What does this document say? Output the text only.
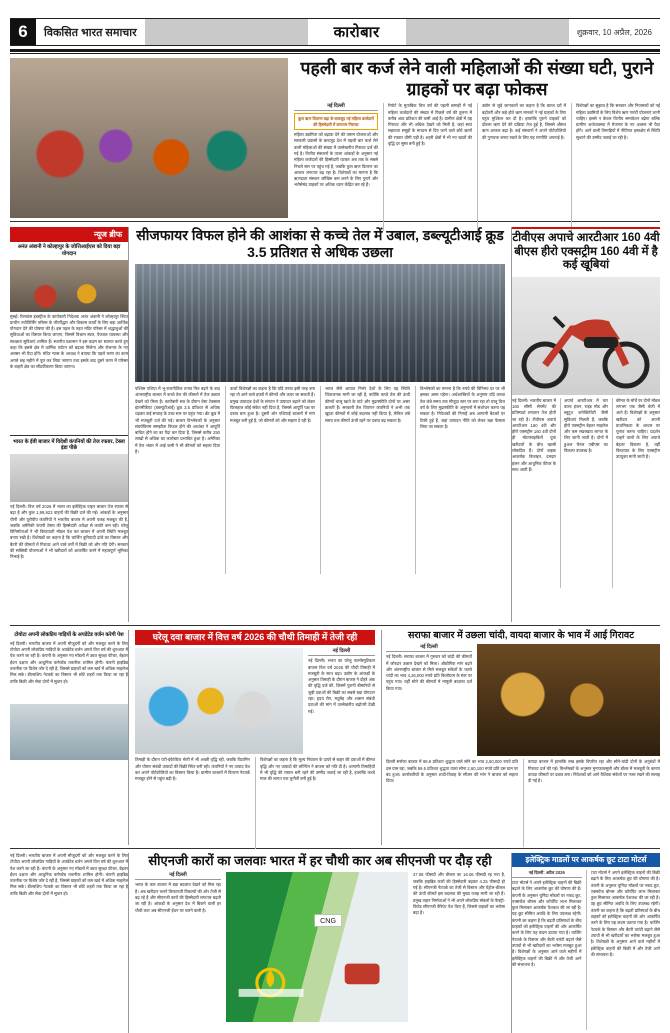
6	विकसित भारत समाचार	कारोबार	शुक्रवार, 10 अप्रैल, 2026
पहली बार कर्ज लेने वाली महिलाओं की संख्या घटी, पुराने ग्राहकों पर बढ़ा फोकस
नई दिल्ली
कुल ऋण वितरण बढ़ा के बावजूद नई महिला कर्जदारों की हिस्सेदारी में लगातार गिरावट
महिला उद्यमिता को बढ़ावा देने की तमाम योजनाओं और सरकारी प्रयासों के बावजूद देश में पहली बार कर्ज लेने वाली महिलाओं की संख्या में उल्लेखनीय गिरावट दर्ज की गई है। वित्तीय संस्थानों के ताजा आंकड़ों के अनुसार नई महिला कर्जदारों की हिस्सेदारी घटकर अब तक के सबसे निचले स्तर पर पहुंच गई है, जबकि कुल ऋण वितरण का आकार लगातार बढ़ रहा है। विशेषज्ञों का मानना है कि ऋणदाता संस्थान जोखिम कम करने के लिए पुराने और भरोसेमंद ग्राहकों पर अधिक ध्यान केंद्रित कर रहे हैं।
रिपोर्ट के मुताबिक वित्त वर्ष की पहली छमाही में नई महिला कर्जदारों की संख्या में पिछले वर्ष की तुलना में करीब आठ प्रतिशत की कमी आई है। ग्रामीण क्षेत्रों में यह गिरावट और भी अधिक देखने को मिली है, जहां स्वयं सहायता समूहों के माध्यम से दिए जाने वाले छोटे ऋणों की रफ्तार धीमी पड़ी है। शहरी क्षेत्रों में भी नए खातों की वृद्धि दर सुस्त बनी हुई है।
उद्योग से जुड़े जानकारों का कहना है कि ब्याज दरों में बढ़ोतरी और कड़े होते ऋण मानकों ने नई ग्राहकों के लिए पहुंच मुश्किल कर दी है। हालांकि पुराने ग्राहकों को दोबारा ऋण देने की प्रक्रिया तेज हुई है, जिससे औसत ऋण आकार बढ़ा है। कई संस्थानों ने अपने पोर्टफोलियो की गुणवत्ता बनाए रखने के लिए यह रणनीति अपनाई है।
विशेषज्ञों का सुझाव है कि सरकार और नियामकों को नई महिला उद्यमियों के लिए विशेष ऋण गारंटी योजनाएं लानी चाहिए। इससे न केवल वित्तीय समावेशन बढ़ेगा बल्कि ग्रामीण अर्थव्यवस्था में रोजगार के नए अवसर भी पैदा होंगे। आने वाली तिमाहियों में नीतिगत हस्तक्षेप से स्थिति सुधरने की उम्मीद जताई जा रही है।
न्यूज ब्रीफ
अनंत अंबानी ने कोल्हापुर के जोत्तिआईएस को दिया बड़ा योगदान
मुंबई। रिलायंस इंडस्ट्रीज के कार्यकारी निदेशक अनंत अंबानी ने कोल्हापुर स्थित प्राचीन ज्योतिर्लिंग परिसर के जीर्णोद्धार और विकास कार्यों के लिए बड़ा आर्थिक योगदान देने की घोषणा की है। इस पहल के तहत मंदिर परिसर में श्रद्धालुओं की सुविधाओं का विस्तार किया जाएगा, जिसमें विश्राम स्थल, पेयजल व्यवस्था और स्वच्छता सुविधाएं शामिल हैं। स्थानीय प्रशासन ने इस कदम का स्वागत करते हुए कहा कि इससे क्षेत्र में धार्मिक पर्यटन को बढ़ावा मिलेगा और रोजगार के नए अवसर भी पैदा होंगे। मंदिर न्यास के अध्यक्ष ने बताया कि पहले चरण का काम अगले छह महीने में पूरा कर लिया जाएगा तथा इसके बाद दूसरे चरण में परिसर के बाहरी क्षेत्र का सौंदर्यीकरण किया जाएगा।
भारत के ईवी बाजार में विदेशी कंपनियों की तेज रफ्तार, टेस्ला इंडा पीछे
नई दिल्ली। वित्त वर्ष 2026 में भारत का इलेक्ट्रिक वाहन बाजार तेज रफ्तार से बढ़ा है और कुल 1,99,923 वाहनों की बिक्री दर्ज की गई। आंकड़ों के अनुसार चीनी और यूरोपीय कंपनियों ने भारतीय बाजार में अपनी पकड़ मजबूत की है, जबकि अमेरिकी कंपनी टेस्ला की हिस्सेदारी अपेक्षा से काफी कम रही। घरेलू विनिर्माताओं ने भी किफायती मॉडल पेश कर बाजार में अपनी स्थिति मजबूत बनाए रखी है। विशेषज्ञों का कहना है कि चार्जिंग बुनियादी ढांचे का विस्तार और बैटरी की कीमतों में गिरावट आने वाले वर्षों में बिक्री को और गति देगी। सरकार की सब्सिडी योजनाओं ने भी खरीदारों को आकर्षित करने में महत्वपूर्ण भूमिका निभाई है।
सीजफायर विफल होने की आशंका से कच्चे तेल में उबाल, डब्ल्यूटीआई क्रूड 3.5 प्रतिशत से अधिक उछला
पश्चिम एशिया में भू-राजनीतिक तनाव फिर बढ़ने के बाद अंतरराष्ट्रीय बाजार में कच्चे तेल की कीमतों में तेज उछाल देखने को मिला है। कारोबारी सत्र के दौरान वेस्ट टेक्सास इंटरमीडिएट (डब्ल्यूटीआई) क्रूड 3.5 प्रतिशत से अधिक चढ़कर कई सप्ताह के उच्च स्तर पर पहुंच गया। ब्रेंट क्रूड में भी मजबूती दर्ज की गई। बाजार विश्लेषकों के अनुसार संघर्षविराम समझौता विफल होने की आशंका ने आपूर्ति बाधित होने का डर पैदा कर दिया है, जिससे करीब 250 लाखों से अधिक का कारोबार प्रभावित हुआ है। अमेरिका में तेल भंडार में आई कमी ने भी कीमतों को सहारा दिया है।
ऊर्जा विशेषज्ञों का कहना है कि यदि तनाव इसी तरह बना रहा तो आने वाले हफ्तों में कीमतें और ऊपर जा सकती हैं। प्रमुख उत्पादक देशों के संगठन ने उत्पादन बढ़ाने को लेकर फिलहाल कोई संकेत नहीं दिया है, जिससे आपूर्ति पक्ष पर दबाव बना हुआ है। दूसरी ओर एशियाई बाजारों में मांग मजबूत बनी हुई है, जो कीमतों को और सहारा दे रही है।
भारत जैसे आयात निर्भर देशों के लिए यह स्थिति चिंताजनक मानी जा रही है, क्योंकि कच्चे तेल की ऊंची कीमतें चालू खाते के घाटे और मुद्रास्फीति दोनों पर असर डालती हैं। सरकारी तेल विपणन कंपनियों ने अभी तक खुदरा कीमतों में कोई बदलाव नहीं किया है, लेकिन लंबे समय तक कीमतें ऊंची रहने पर दबाव बढ़ सकता है।
विश्लेषकों का मानना है कि रुपये की विनिमय दर पर भी इसका असर पड़ेगा। अर्थशास्त्रियों के अनुसार यदि कच्चा तेल लंबे समय तक मौजूदा स्तर पर बना रहा तो चालू वित्त वर्ष के लिए मुद्रास्फीति के अनुमानों में संशोधन करना पड़ सकता है। निवेशकों की निगाहें अब आगामी बैठकों पर टिकी हुई हैं, जहां उत्पादन नीति को लेकर बड़ा फैसला लिया जा सकता है।
टीवीएस अपाचे आरटीआर 160 4वी बीएस हीरो एक्सट्रीम 160 4वी में है कई खूबियां
नई दिल्ली। भारतीय बाजार में 160 सीसी सेगमेंट की प्रतिस्पर्धा लगातार तेज होती जा रही है। टीवीएस अपाचे आरटीआर 160 4वी और हीरो एक्सट्रीम 160 4वी दोनों ही मोटरसाइकिलें युवा खरीदारों के बीच खासी लोकप्रिय हैं। दोनों बाइक आकर्षक डिजाइन, दमदार इंजन और आधुनिक फीचर के साथ आती हैं।
अपाचे आरटीआर में चार वाल्व इंजन, राइड मोड और ब्लूटूथ कनेक्टिविटी जैसी सुविधाएं मिलती हैं, जबकि हीरो एक्सट्रीम बेहतर माइलेज और कम रखरखाव लागत के लिए जानी जाती है। दोनों में डुअल चैनल एबीएस का विकल्प उपलब्ध है।
कीमत के मोर्चे पर दोनों मॉडल लगभग एक जैसी श्रेणी में आते हैं। विशेषज्ञों के अनुसार खरीदार को अपनी प्राथमिकता के आधार पर चुनाव करना चाहिए। प्रदर्शन चाहने वालों के लिए अपाचे बेहतर विकल्प है, वहीं किफायत के लिए एक्सट्रीम उपयुक्त मानी जाती है।
टोयोटा अपनी लोकप्रिय गाड़ियों के अपडेटेड वर्जन करेगी पेश
नई दिल्ली। भारतीय बाजार में अपनी मौजूदगी को और मजबूत करने के लिए टोयोटा अपनी लोकप्रिय गाड़ियों के अपडेटेड वर्जन अगले वित्त वर्ष की शुरुआत में पेश करने जा रही है। कंपनी के अनुसार नए मॉडलों में उन्नत सुरक्षा फीचर, बेहतर ईंधन दक्षता और आधुनिक कनेक्टेड तकनीक शामिल होगी। कंपनी हाइब्रिड तकनीक पर विशेष जोर दे रही है, जिससे ग्राहकों को कम खर्च में अधिक माइलेज मिल सके। डीलरशिप नेटवर्क का विस्तार भी छोटे शहरों तक किया जा रहा है ताकि बिक्री और सेवा दोनों में सुधार हो।
घरेलू दवा बाजार में वित्त वर्ष 2026 की चौथी तिमाही में तेजी रही
नई दिल्ली
नई दिल्ली। भारत का घरेलू फार्मास्युटिकल बाजार वित्त वर्ष 2026 की चौथी तिमाही में मजबूती के साथ बढ़ा। उद्योग के आंकड़ों के अनुसार तिमाही के दौरान बाजार ने दोहरे अंक की वृद्धि दर्ज की, जिसमें पुरानी बीमारियों से जुड़ी दवाओं की बिक्री का सबसे बड़ा योगदान रहा। हृदय रोग, मधुमेह और श्वसन संबंधी दवाओं की मांग में उल्लेखनीय बढ़ोतरी देखी गई।
तिमाही के दौरान एंटी-इंफेक्टिव श्रेणी में भी अच्छी वृद्धि रही, जबकि विटामिन और पोषण संबंधी उत्पादों की बिक्री स्थिर बनी रही। कंपनियों ने नए उत्पाद पेश कर अपने पोर्टफोलियो का विस्तार किया है। ग्रामीण बाजारों में वितरण नेटवर्क मजबूत होने से पहुंच बढ़ी है।
विशेषज्ञों का कहना है कि मूल्य नियंत्रण के दायरे से बाहर की दवाओं में कीमत वृद्धि और नए उत्पादों की लॉन्चिंग ने बाजार को गति दी है। आगामी तिमाहियों में भी वृद्धि की रफ्तार बनी रहने की उम्मीद जताई जा रही है, हालांकि कच्चे माल की लागत एक चुनौती बनी हुई है।
सराफा बाजार में उछला चांदी, वायदा बाजार के भाव में आई गिरावट
नई दिल्ली
नई दिल्ली। सराफा बाजार में गुरुवार को चांदी की कीमतों में जोरदार उछाल देखने को मिला। औद्योगिक मांग बढ़ने और अंतरराष्ट्रीय बाजार से मिले मजबूत संकेतों के चलते चांदी का भाव 4,26,000 रुपये प्रति किलोग्राम के स्तर पर पहुंच गया। वहीं सोने की कीमतों में मामूली बदलाव दर्ज किया गया।
दिल्ली सर्राफा बाजार में 99.9 प्रतिशत शुद्धता वाले सोने का भाव 2,60,000 रुपये प्रति दस ग्राम रहा, जबकि 99.5 प्रतिशत शुद्धता वाला सोना 2,60,100 रुपये प्रति दस ग्राम पर बंद हुआ। कारोबारियों के अनुसार शादी-विवाह के सीजन की मांग ने बाजार को सहारा दिया।
वायदा बाजार में हालांकि रुख इसके विपरीत रहा और सोने-चांदी दोनों के अनुबंधों में गिरावट दर्ज की गई। विश्लेषकों के अनुसार मुनाफावसूली और डॉलर में मजबूती के कारण वायदा कीमतों पर दबाव बना। निवेशकों को आगे वैश्विक संकेतों पर नजर रखने की सलाह दी गई है।
नई दिल्ली। भारतीय बाजार में अपनी मौजूदगी को और मजबूत करने के लिए टोयोटा अपनी लोकप्रिय गाड़ियों के अपडेटेड वर्जन अगले वित्त वर्ष की शुरुआत में पेश करने जा रही है। कंपनी के अनुसार नए मॉडलों में उन्नत सुरक्षा फीचर, बेहतर ईंधन दक्षता और आधुनिक कनेक्टेड तकनीक शामिल होगी। कंपनी हाइब्रिड तकनीक पर विशेष जोर दे रही है, जिससे ग्राहकों को कम खर्च में अधिक माइलेज मिल सके। डीलरशिप नेटवर्क का विस्तार भी छोटे शहरों तक किया जा रहा है ताकि बिक्री और सेवा दोनों में सुधार हो।
सीएनजी कारों का जलवाः भारत में हर चौथी कार अब सीएनजी पर दौड़ रही
नई दिल्ली
भारत के कार बाजार में बड़ा बदलाव देखने को मिल रहा है। अब खरीदार चलने किफायती विकल्पों की ओर तेजी से बढ़ रहे हैं और सीएनजी कारों की हिस्सेदारी लगातार बढ़ती जा रही है। आंकड़ों के अनुसार देश में बिकने वाली हर चौथी कार अब सीएनजी ईंधन पर चलने वाली है।
CNG
47.08 फीसदी और डीजल का 16.06 फीसदी रह गया है, जबकि हाइब्रिड कारों की हिस्सेदारी बढ़कर 4.25 फीसदी हो गई है। सीएनजी नेटवर्क का तेजी से विस्तार और पेट्रोल-डीजल की ऊंची कीमतें इस बदलाव की मुख्य वजह मानी जा रही हैं। प्रमुख वाहन निर्माताओं ने भी अपने लोकप्रिय मॉडलों के फैक्ट्री-फिटेड सीएनजी वेरिएंट पेश किए हैं, जिससे ग्राहकों का भरोसा बढ़ा है।
इलेक्ट्रिक माडलों पर आकर्षक छूट टाटा मोटर्स
नई दिल्ली: अप्रैल 2026
टाटा मोटर्स ने अपने इलेक्ट्रिक वाहनों की बिक्री बढ़ाने के लिए आकर्षक छूट की घोषणा की है। कंपनी के अनुसार चुनिंदा मॉडलों पर नकद छूट, एक्सचेंज बोनस और कॉर्पोरेट लाभ मिलाकर कुल मिलाकर आकर्षक पेशकश की जा रही है। यह छूट सीमित अवधि के लिए उपलब्ध रहेगी। कंपनी का कहना है कि बढ़ती प्रतिस्पर्धा के बीच ग्राहकों को इलेक्ट्रिक वाहनों की ओर आकर्षित करने के लिए यह कदम उठाया गया है। चार्जिंग नेटवर्क के विस्तार और बैटरी वारंटी बढ़ाने जैसे उपायों से भी खरीदारों का भरोसा मजबूत हुआ है। विशेषज्ञों के अनुसार आने वाले महीनों में इलेक्ट्रिक वाहनों की बिक्री में और तेजी आने की संभावना है।
टाटा मोटर्स ने अपने इलेक्ट्रिक वाहनों की बिक्री बढ़ाने के लिए आकर्षक छूट की घोषणा की है। कंपनी के अनुसार चुनिंदा मॉडलों पर नकद छूट, एक्सचेंज बोनस और कॉर्पोरेट लाभ मिलाकर कुल मिलाकर आकर्षक पेशकश की जा रही है। यह छूट सीमित अवधि के लिए उपलब्ध रहेगी। कंपनी का कहना है कि बढ़ती प्रतिस्पर्धा के बीच ग्राहकों को इलेक्ट्रिक वाहनों की ओर आकर्षित करने के लिए यह कदम उठाया गया है। चार्जिंग नेटवर्क के विस्तार और बैटरी वारंटी बढ़ाने जैसे उपायों से भी खरीदारों का भरोसा मजबूत हुआ है। विशेषज्ञों के अनुसार आने वाले महीनों में इलेक्ट्रिक वाहनों की बिक्री में और तेजी आने की संभावना है।
